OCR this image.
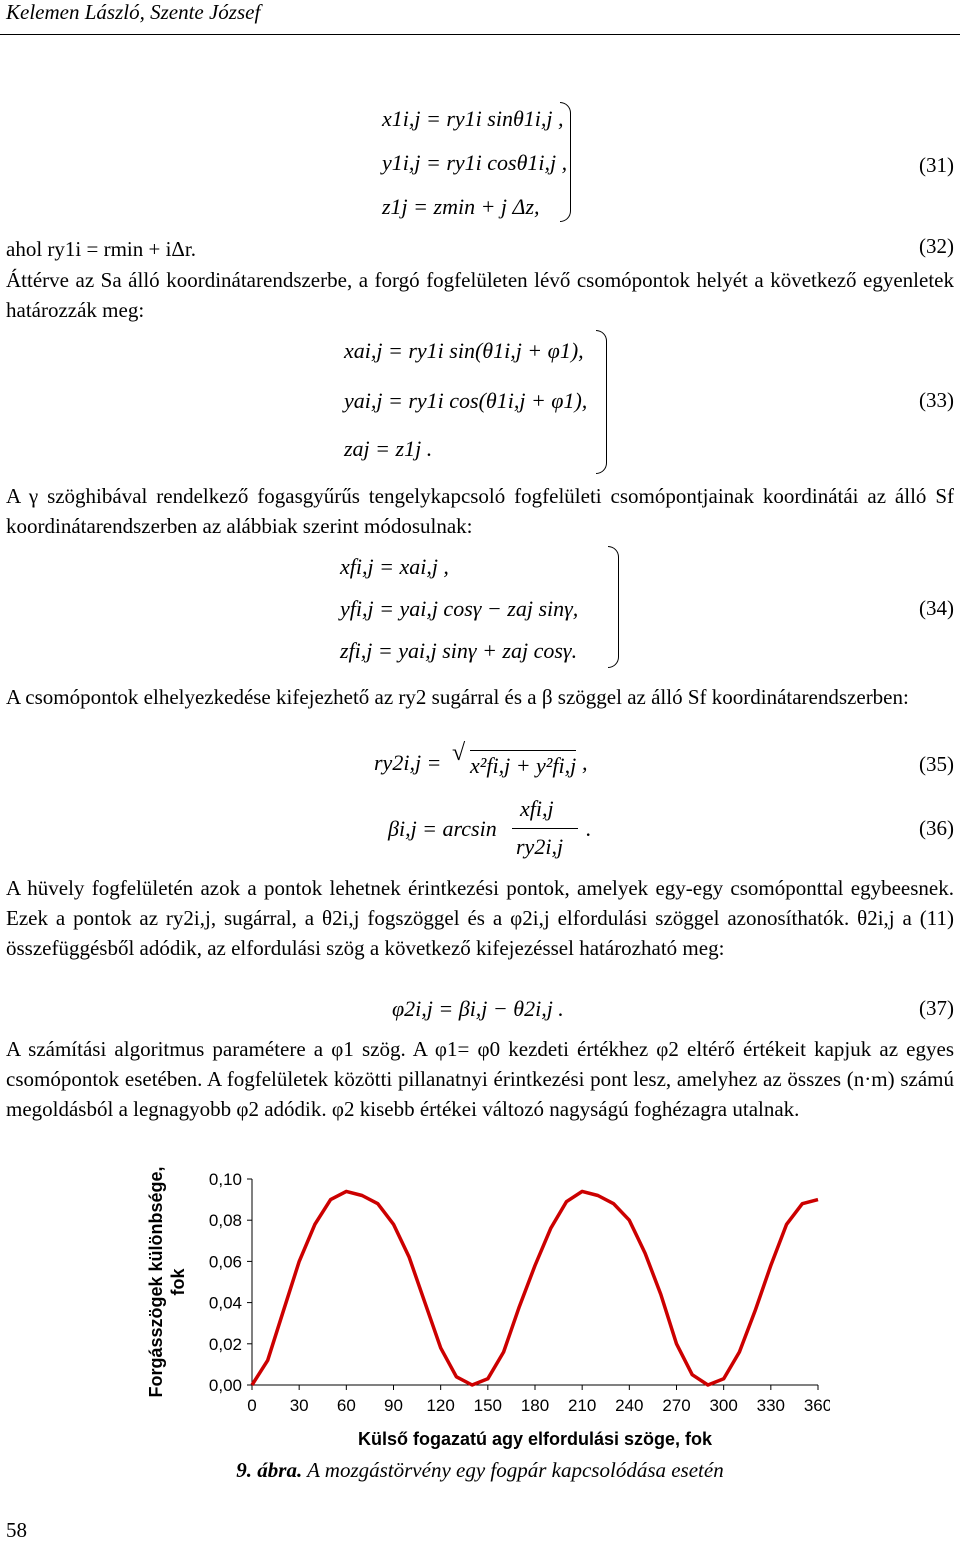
Kelemen László, Szente József
x1i,j = ry1i sinθ1i,j ,
y1i,j = ry1i cosθ1i,j ,
z1j = zmin + j Δz,
(31)
ahol ry1i = rmin + iΔr.	(32)
Áttérve az Sa álló koordinátarendszerbe, a forgó fogfelületen lévő csomópontok helyét a következő egyenletek határozzák meg:
xai,j = ry1i sin(θ1i,j + φ1),
yai,j = ry1i cos(θ1i,j + φ1),
zaj = z1j .
(33)
A γ szöghibával rendelkező fogasgyűrűs tengelykapcsoló fogfelületi csomópontjainak koordinátái az álló Sf koordinátarendszerben az alábbiak szerint módosulnak:
xfi,j = xai,j ,
yfi,j = yai,j cosγ − zaj sinγ,
zfi,j = yai,j sinγ + zaj cosγ.
(34)
A csomópontok elhelyezkedése kifejezhető az ry2 sugárral és a β szöggel az álló Sf koordinátarendszerben:
ry2i,j = √ x²fi,j + y²fi,j ,	(35)
βi,j = arcsin
xfi,j
ry2i,j
.	(36)
A hüvely fogfelületén azok a pontok lehetnek érintkezési pontok, amelyek egy-egy csomóponttal egybeesnek. Ezek a pontok az ry2i,j, sugárral, a θ2i,j fogszöggel és a φ2i,j elfordulási szöggel azonosíthatók. θ2i,j a (11) összefüggésből adódik, az elfordulási szög a következő kifejezéssel határozható meg:
φ2i,j = βi,j − θ2i,j .	(37)
A számítási algoritmus paramétere a φ1 szög. A φ1= φ0 kezdeti értékhez φ2 eltérő értékeit kapjuk az egyes csomópontok esetében. A fogfelületek közötti pillanatnyi érintkezési pont lesz, amelyhez az összes (n·m) számú megoldásból a legnagyobb φ2 adódik. φ2 kisebb értékei változó nagyságú foghézagra utalnak.
0,00
0,02
0,04
0,06
0,08
0,10
0 30 60 90 120 150 180 210 240 270 300 330 360
Külső fogazatú agy elfordulási szöge, fok
Forgásszögek különbsége, fok
9. ábra. A mozgástörvény egy fogpár kapcsolódása esetén
58
